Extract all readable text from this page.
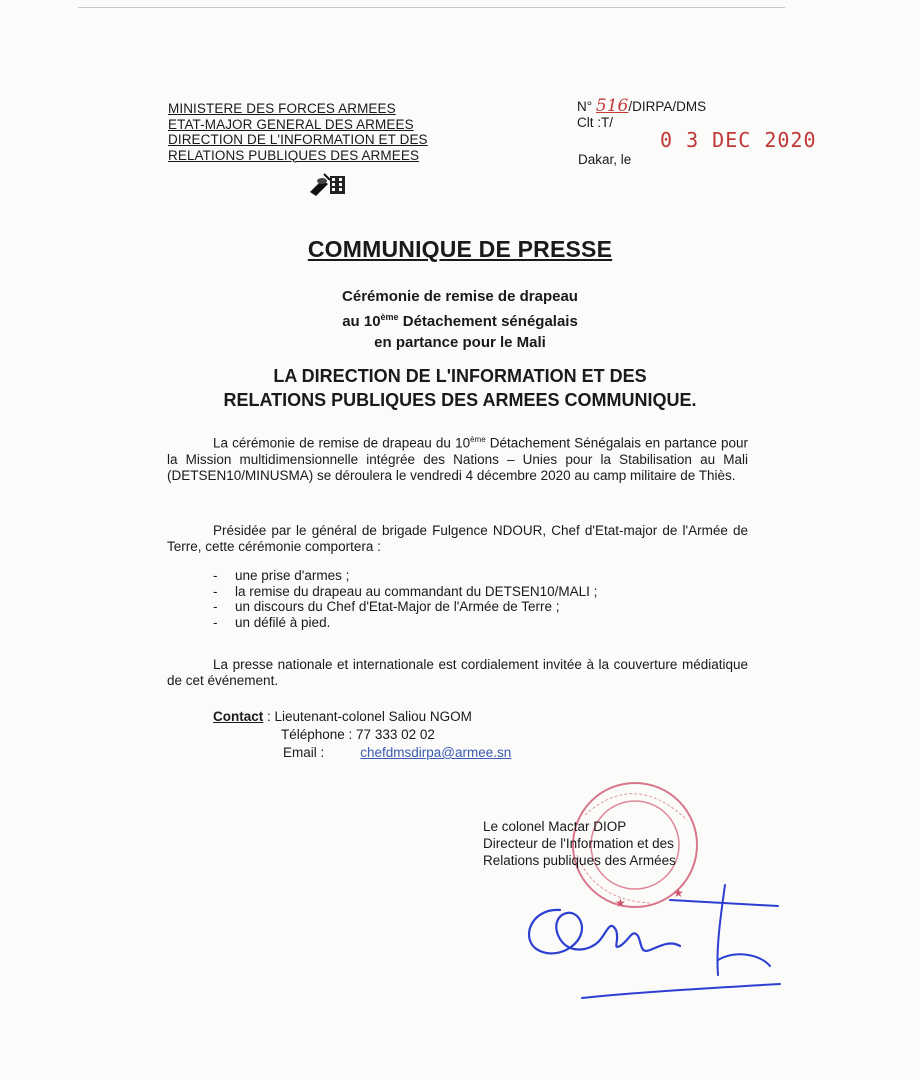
MINISTERE DES FORCES ARMEES
ETAT-MAJOR GENERAL DES ARMEES
DIRECTION DE L'INFORMATION ET DES
RELATIONS PUBLIQUES DES ARMEES
N° 516/DIRPA/DMS
Clt :T/
0 3 DEC 2020
Dakar, le
COMMUNIQUE DE PRESSE
Cérémonie de remise de drapeau
au 10ème Détachement sénégalais
en partance pour le Mali
LA DIRECTION DE L'INFORMATION ET DES
RELATIONS PUBLIQUES DES ARMEES COMMUNIQUE.
La cérémonie de remise de drapeau du 10ème Détachement Sénégalais en partance pour la Mission multidimensionnelle intégrée des Nations – Unies pour la Stabilisation au Mali (DETSEN10/MINUSMA) se déroulera le vendredi 4 décembre 2020 au camp militaire de Thiès.
Présidée par le général de brigade Fulgence NDOUR, Chef d'Etat-major de l'Armée de Terre, cette cérémonie comportera :
-	une prise d'armes ;
-	la remise du drapeau au commandant du DETSEN10/MALI ;
-	un discours du Chef d'Etat-Major de l'Armée de Terre ;
-	un défilé à pied.
La presse nationale et internationale est cordialement invitée à la couverture médiatique de cet événement.
Contact : Lieutenant-colonel Saliou NGOM
Téléphone : 77 333 02 02
Email :	chefdmsdirpa@armee.sn
★
★
Le colonel Mactar DIOP
Directeur de l'Information et des
Relations publiques des Armées
